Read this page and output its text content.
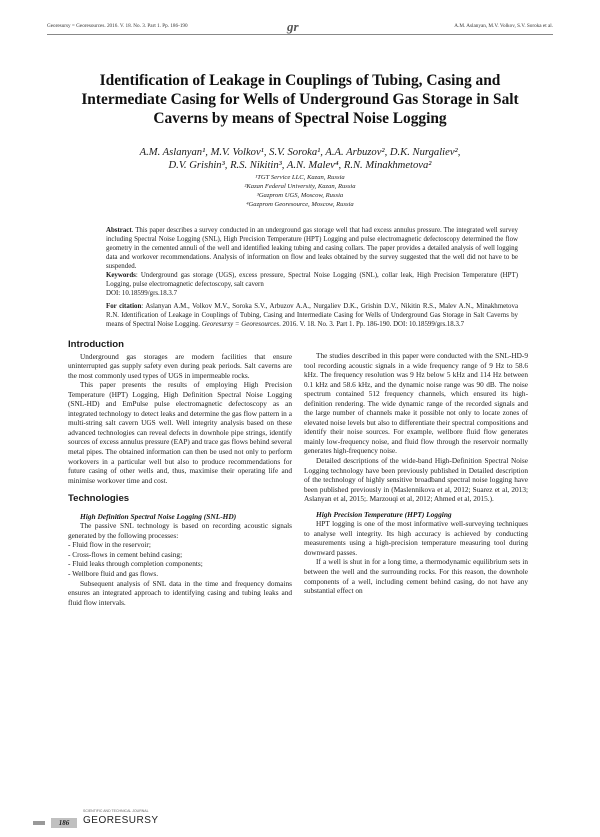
Georesursy = Georesources. 2016. V. 18. No. 3. Part 1. Pp. 186-190	gr	A.M. Aslanyan, M.V. Volkov, S.V. Soroka et al.
Identification of Leakage in Couplings of Tubing, Casing and Intermediate Casing for Wells of Underground Gas Storage in Salt Caverns by means of Spectral Noise Logging
A.M. Aslanyan¹, M.V. Volkov¹, S.V. Soroka¹, A.A. Arbuzov², D.K. Nurgaliev²,
D.V. Grishin³, R.S. Nikitin³, A.N. Malev⁴, R.N. Minakhmetova²
¹TGT Service LLC, Kazan, Russia
²Kazan Federal University, Kazan, Russia
³Gazprom UGS, Moscow, Russia
⁴Gazprom Georesource, Moscow, Russia

Abstract. This paper describes a survey conducted in an underground gas storage well that had excess annulus pressure. The integrated well survey including Spectral Noise Logging (SNL), High Precision Temperature (HPT) Logging and pulse electromagnetic defectoscopy determined the flow geometry in the cemented annuli of the well and identified leaking tubing and casing collars. The paper provides a detailed analysis of well logging data and workover recommendations. Analysis of information on flow and leaks obtained by the survey suggested that the well did not have to be suspended.

Keywords: Underground gas storage (UGS), excess pressure, Spectral Noise Logging (SNL), collar leak, High Precision Temperature (HPT) Logging, pulse electromagnetic defectoscopy, salt cavern

DOI: 10.18599/grs.18.3.7

For citation: Aslanyan A.M., Volkov M.V., Soroka S.V., Arbuzov A.A., Nurgaliev D.K., Grishin D.V., Nikitin R.S., Malev A.N., Minakhmetova R.N. Identification of Leakage in Couplings of Tubing, Casing and Intermediate Casing for Wells of Underground Gas Storage in Salt Caverns by means of Spectral Noise Logging. Georesursy = Georesources. 2016. V. 18. No. 3. Part 1. Pp. 186-190. DOI: 10.18599/grs.18.3.7

Introduction

Underground gas storages are modern facilities that ensure uninterrupted gas supply safety even during peak periods. Salt caverns are the most commonly used types of UGS in impermeable rocks.

This paper presents the results of employing High Precision Temperature (HPT) Logging, High Definition Spectral Noise Logging (SNL-HD) and EmPulse pulse electromagnetic defectoscopy as an integrated technology to detect leaks and determine the gas flow pattern in a multi-string salt cavern UGS well. Well integrity analysis based on these advanced technologies can reveal defects in downhole pipe strings, identify sources of excess annulus pressure (EAP) and trace gas flows behind several metal pipes. The obtained information can then be used not only to perform workovers in a particular well but also to produce recommendations for future casing of other wells and, thus, maximise their operating life and minimise workover time and cost.

Technologies

High Definition Spectral Noise Logging (SNL-HD)

The passive SNL technology is based on recording acoustic signals generated by the following processes:

- Fluid flow in the reservoir;

- Cross-flows in cement behind casing;

- Fluid leaks through completion components;

- Wellbore fluid and gas flows.

Subsequent analysis of SNL data in the time and frequency domains ensures an integrated approach to identifying casing and tubing leaks and fluid flow intervals.

The studies described in this paper were conducted with the SNL-HD-9 tool recording acoustic signals in a wide frequency range of 9 Hz to 58.6 kHz. The frequency resolution was 9 Hz below 5 kHz and 114 Hz between 0.1 kHz and 58.6 kHz, and the dynamic noise range was 90 dB. The noise spectrum contained 512 frequency channels, which ensured its high-definition rendering. The wide dynamic range of the recorded signals and the large number of channels make it possible not only to locate zones of elevated noise levels but also to differentiate their spectral compositions and identify their noise sources. For example, wellbore fluid flow generates mainly low-frequency noise, and fluid flow through the reservoir normally generates high-frequency noise.

Detailed descriptions of the wide-band High-Definition Spectral Noise Logging technology have been previously published in Detailed description of the technology of highly sensitive broadband spectral noise logging have been published previously in (Maslennikova et al, 2012; Suarez et al, 2013; Aslanyan et al, 2015;. Marzouqi et al, 2012; Ahmed et al, 2015.).

High Precision Temperature (HPT) Logging

HPT logging is one of the most informative well-surveying techniques to analyse well integrity. Its high accuracy is achieved by conducting measurements using a high-precision temperature measuring tool during downward passes.

If a well is shut in for a long time, a thermodynamic equilibrium sets in between the well and the surrounding rocks. For this reason, the downhole components of a well, including cement behind casing, do not have any substantial effect on

186
SCIENTIFIC AND TECHNICAL JOURNAL
GEORESURSY
